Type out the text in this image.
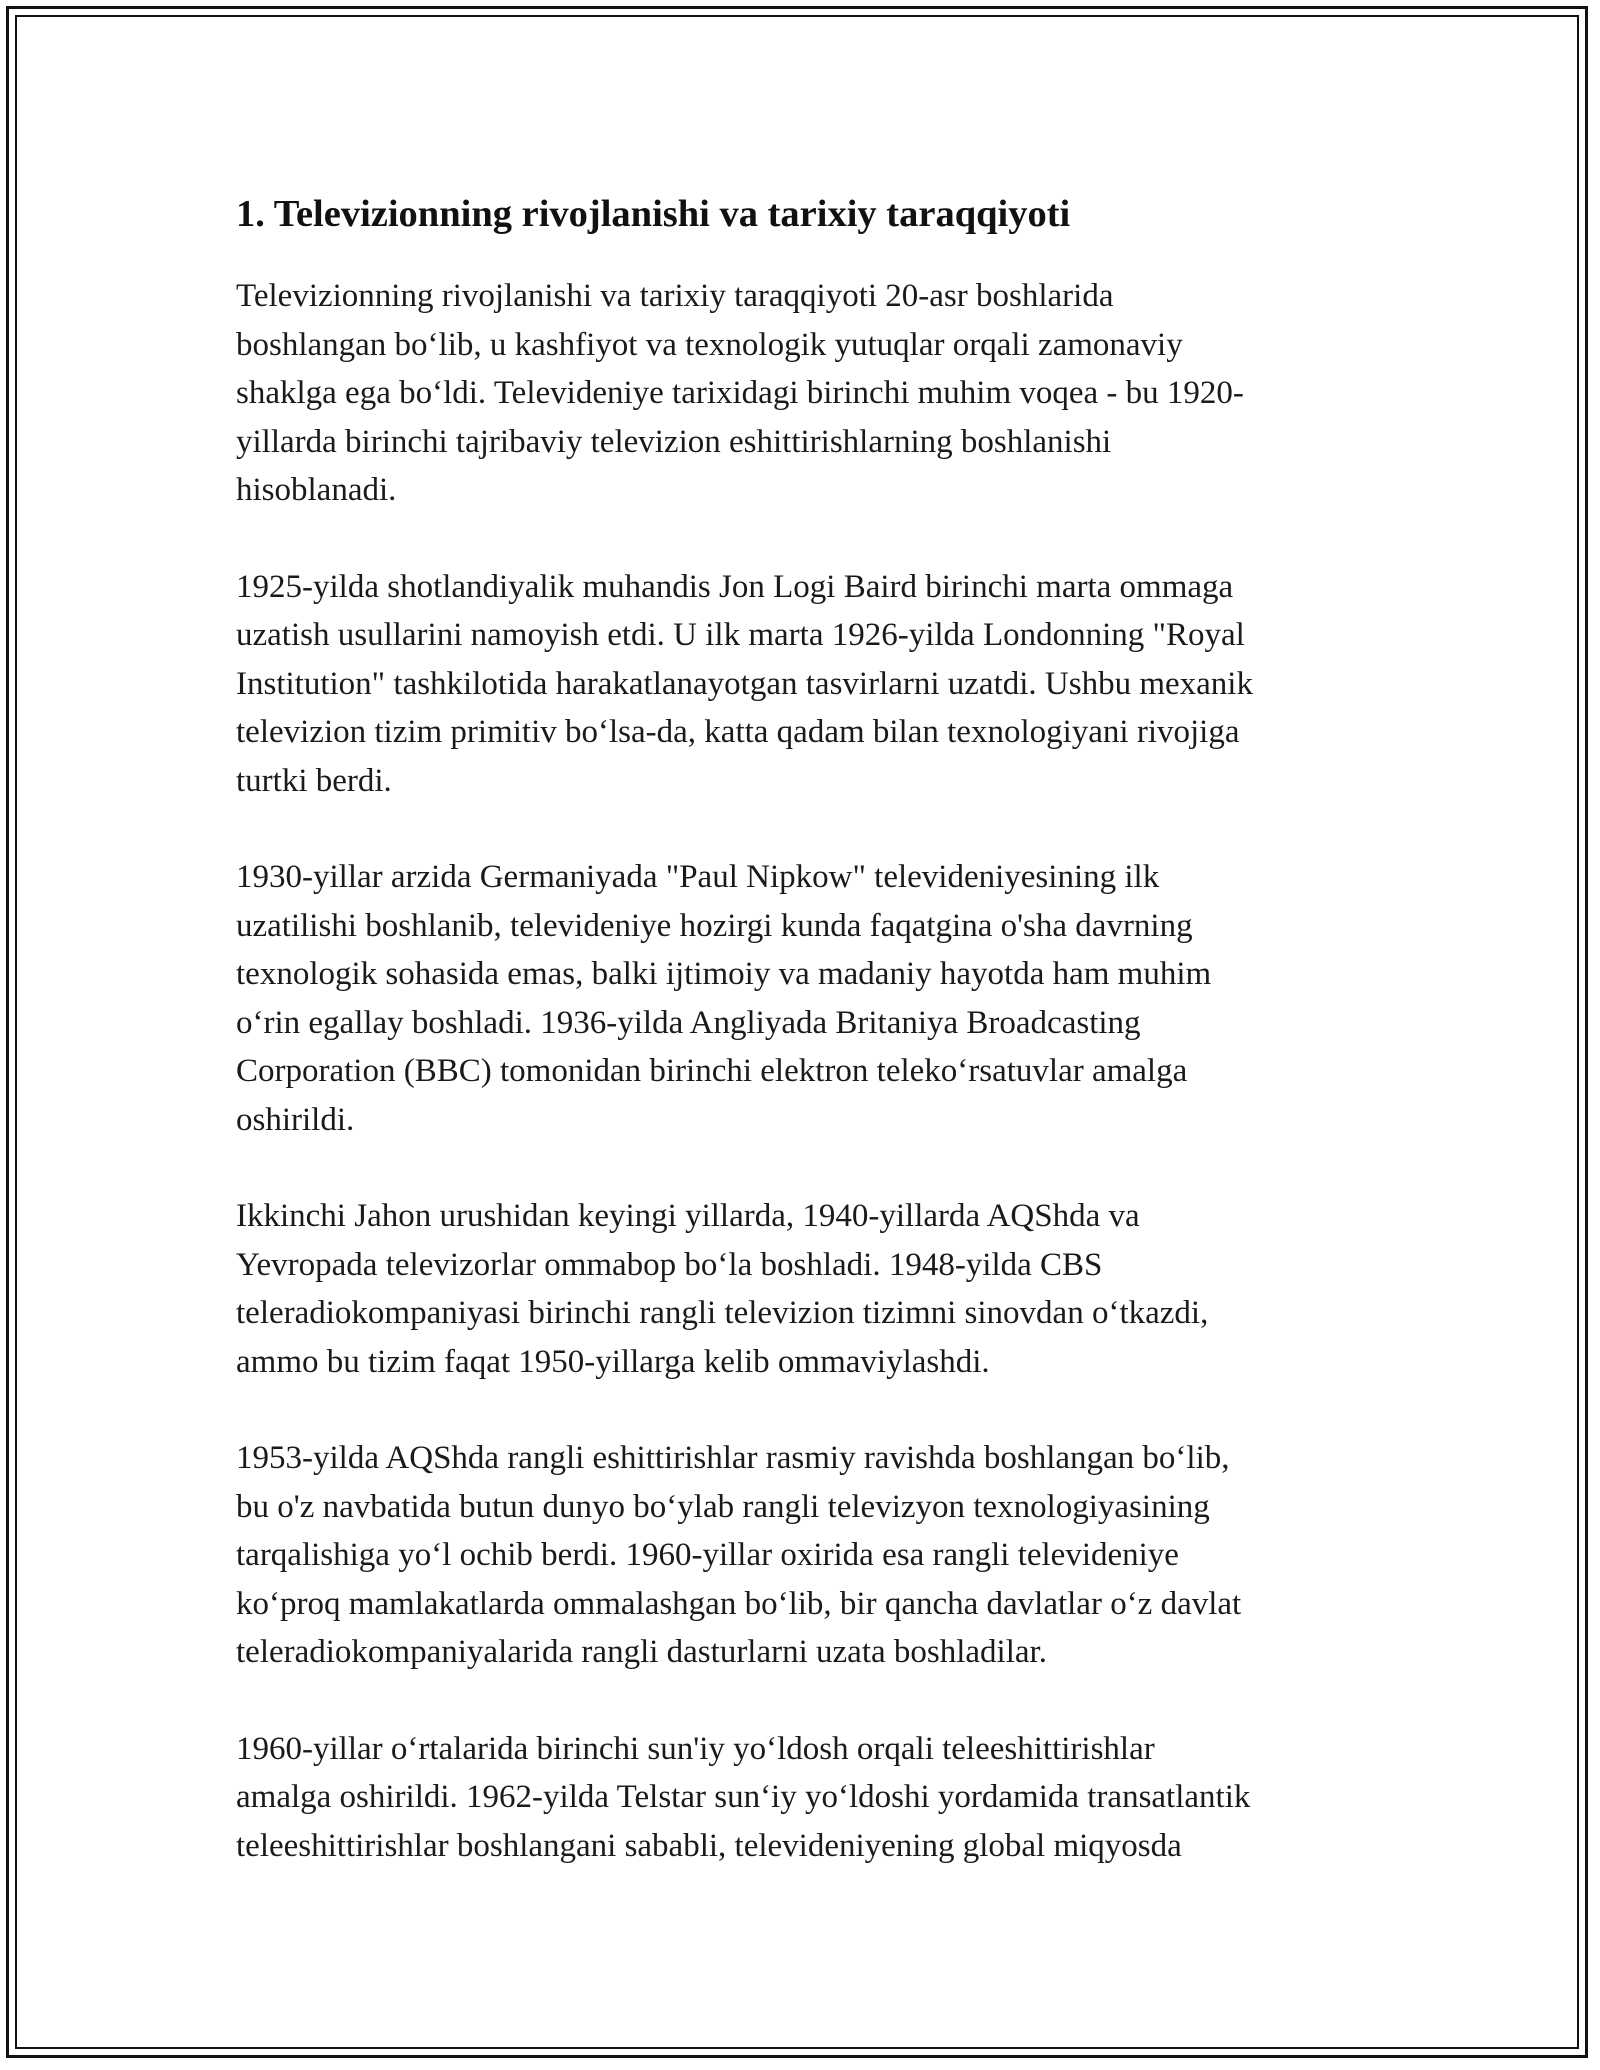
1. Televizionning rivojlanishi va tarixiy taraqqiyoti

Televizionning rivojlanishi va tarixiy taraqqiyoti 20-asr boshlarida
boshlangan bo‘lib, u kashfiyot va texnologik yutuqlar orqali zamonaviy
shaklga ega bo‘ldi. Televideniye tarixidagi birinchi muhim voqea - bu 1920-
yillarda birinchi tajribaviy televizion eshittirishlarning boshlanishi
hisoblanadi.

1925-yilda shotlandiyalik muhandis Jon Logi Baird birinchi marta ommaga
uzatish usullarini namoyish etdi. U ilk marta 1926-yilda Londonning "Royal
Institution" tashkilotida harakatlanayotgan tasvirlarni uzatdi. Ushbu mexanik
televizion tizim primitiv bo‘lsa-da, katta qadam bilan texnologiyani rivojiga
turtki berdi.

1930-yillar arzida Germaniyada "Paul Nipkow" televideniyesining ilk
uzatilishi boshlanib, televideniye hozirgi kunda faqatgina o'sha davrning
texnologik sohasida emas, balki ijtimoiy va madaniy hayotda ham muhim
o‘rin egallay boshladi. 1936-yilda Angliyada Britaniya Broadcasting
Corporation (BBC) tomonidan birinchi elektron teleko‘rsatuvlar amalga
oshirildi.

Ikkinchi Jahon urushidan keyingi yillarda, 1940-yillarda AQShda va
Yevropada televizorlar ommabop bo‘la boshladi. 1948-yilda CBS
teleradiokompaniyasi birinchi rangli televizion tizimni sinovdan o‘tkazdi,
ammo bu tizim faqat 1950-yillarga kelib ommaviylashdi.

1953-yilda AQShda rangli eshittirishlar rasmiy ravishda boshlangan bo‘lib,
bu o'z navbatida butun dunyo bo‘ylab rangli televizyon texnologiyasining
tarqalishiga yo‘l ochib berdi. 1960-yillar oxirida esa rangli televideniye
ko‘proq mamlakatlarda ommalashgan bo‘lib, bir qancha davlatlar o‘z davlat
teleradiokompaniyalarida rangli dasturlarni uzata boshladilar.

1960-yillar o‘rtalarida birinchi sun'iy yo‘ldosh orqali teleeshittirishlar
amalga oshirildi. 1962-yilda Telstar sun‘iy yo‘ldoshi yordamida transatlantik
teleeshittirishlar boshlangani sababli, televideniyening global miqyosda
